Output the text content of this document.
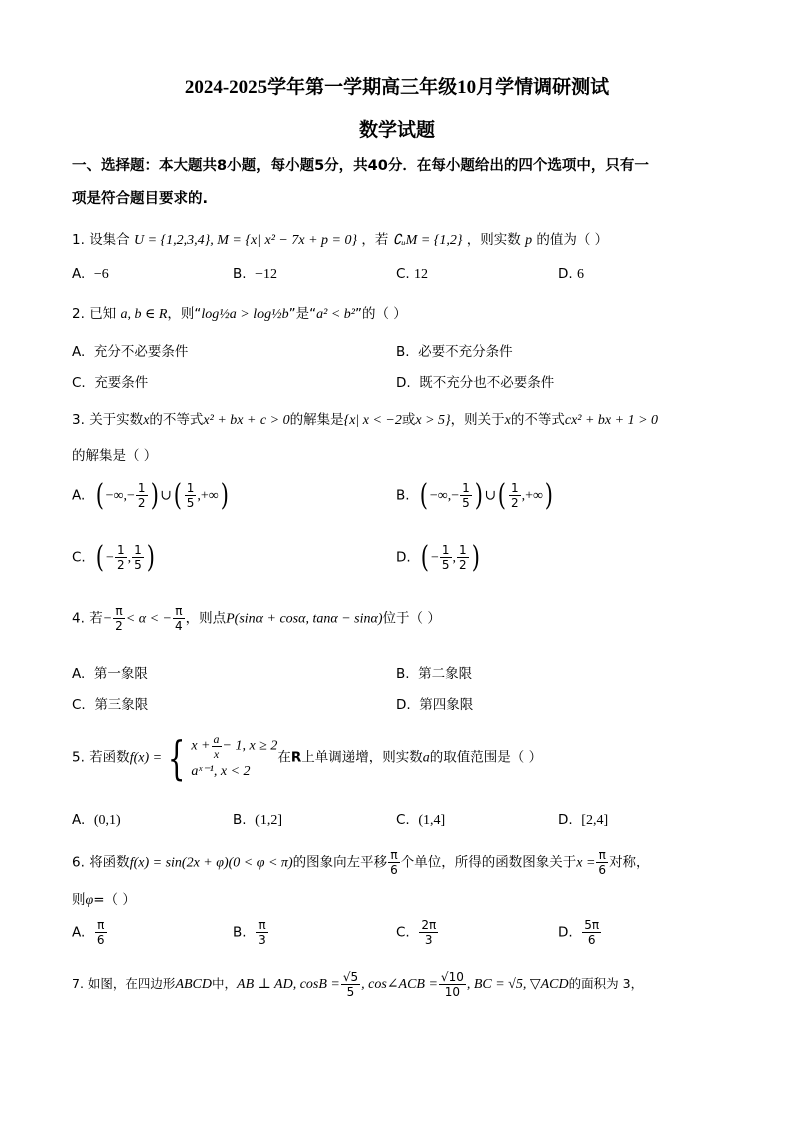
2024-2025学年第一学期高三年级10月学情调研测试
数学试题
一、选择题：本大题共8小题，每小题5分，共40分．在每小题给出的四个选项中，只有一
项是符合题目要求的.
1. 设集合 U = {1,2,3,4}, M = {x| x² − 7x + p = 0} ，若 ∁ᵤM = {1,2} ，则实数 p 的值为（ ）
A. −6	B. −12	C. 12	D. 6
2. 已知 a, b ∈ R，则“log½a > log½b”是“a² < b²”的（ ）
A. 充分不必要条件	B. 必要不充分条件
C. 充要条件	D. 既不充分也不必要条件
3. 关于实数x的不等式x² + bx + c > 0的解集是{x| x < −2或x > 5}，则关于x的不等式cx² + bx + 1 > 0
的解集是（ ）
A. ( −∞,− $\frac{1}{2}$ ) ∪( $\frac{1}{5}$ ,+∞)	B. ( −∞,− $\frac{1}{5}$ ) ∪( $\frac{1}{2}$ ,+∞)
C. ( − $\frac{1}{2}$ , $\frac{1}{5}$ )	D. ( − $\frac{1}{5}$ , $\frac{1}{2}$ )
4. 若− $\frac{\pi}{2} < \alpha$ < − $\frac{\pi}{4}$ ，则点P(sinα + cosα, tanα − sinα)位于（ ）
A. 第一象限	B. 第二象限
C. 第三象限	D. 第四象限
5. 若函数f(x) = { $x + \frac{a}{x} - 1$, x ≥ 2
aˣ⁻¹, x < 2
在R上单调递增，则实数a的取值范围是（ ）
A. (0,1)	B. (1,2]	C. (1,4]	D. [2,4]
6. 将函数f(x) = sin(2x + φ)(0 < φ < π)的图象向左平移 $\frac{\pi}{6}$ 个单位，所得的函数图象关于$x = \frac{\pi}{6}$ 对称，
则φ=（ ）
A. $\frac{\pi}{6}$	B. $\frac{\pi}{3}$	C. $\frac{2\pi}{3}$	D. $\frac{5\pi}{6}$
7. 如图，在四边形ABCD中，AB ⊥ AD, $\cos B = \frac{√5}{5}$ , cos∠ACB = $\frac{√10}{10}$ , BC = √5, ▽ACD的面积为 3，
